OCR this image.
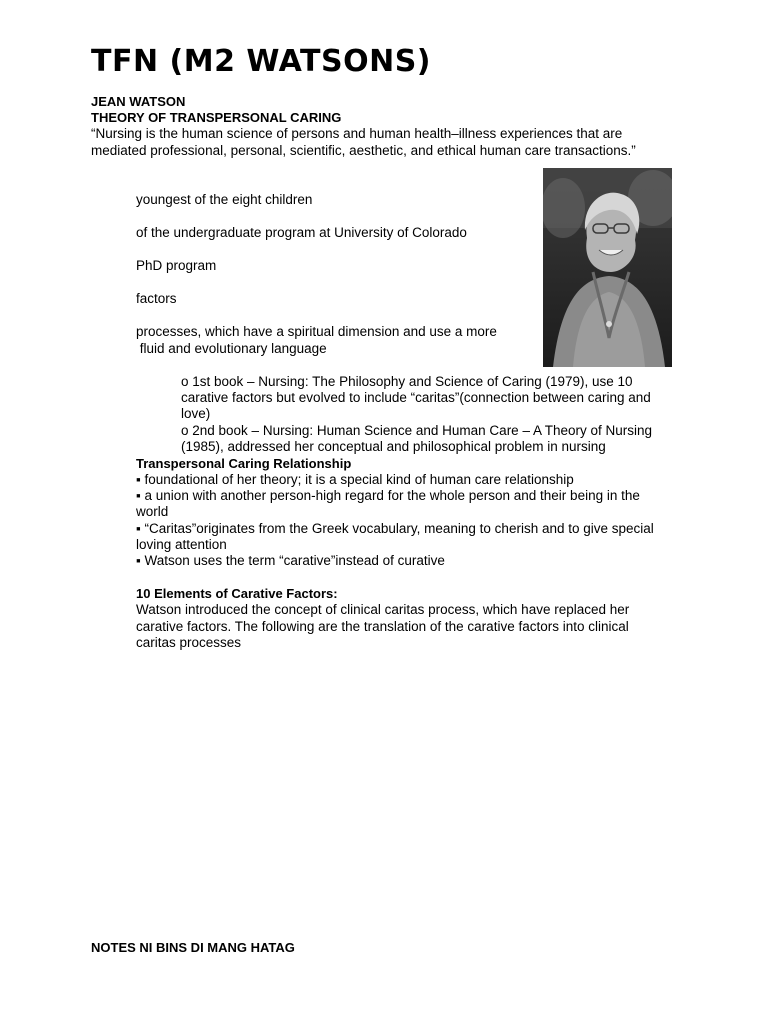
TFN (M2 WATSONS)
JEAN WATSON
THEORY OF TRANSPERSONAL CARING
“Nursing is the human science of persons and human health–illness experiences that are
mediated professional, personal, scientific, aesthetic, and ethical human care transactions.”
youngest of the eight children
of the undergraduate program at University of Colorado
PhD program
factors
processes, which have a spiritual dimension and use a more
fluid and evolutionary language
o 1st book – Nursing: The Philosophy and Science of Caring (1979), use 10
carative factors but evolved to include “caritas”(connection between caring and
love)
o 2nd book – Nursing: Human Science and Human Care – A Theory of Nursing
(1985), addressed her conceptual and philosophical problem in nursing
Transpersonal Caring Relationship
▪ foundational of her theory; it is a special kind of human care relationship
▪ a union with another person-high regard for the whole person and their being in the
world
▪ “Caritas”originates from the Greek vocabulary, meaning to cherish and to give special
loving attention
▪ Watson uses the term “carative”instead of curative
10 Elements of Carative Factors:
Watson introduced the concept of clinical caritas process, which have replaced her
carative factors. The following are the translation of the carative factors into clinical
caritas processes
NOTES NI BINS DI MANG HATAG
